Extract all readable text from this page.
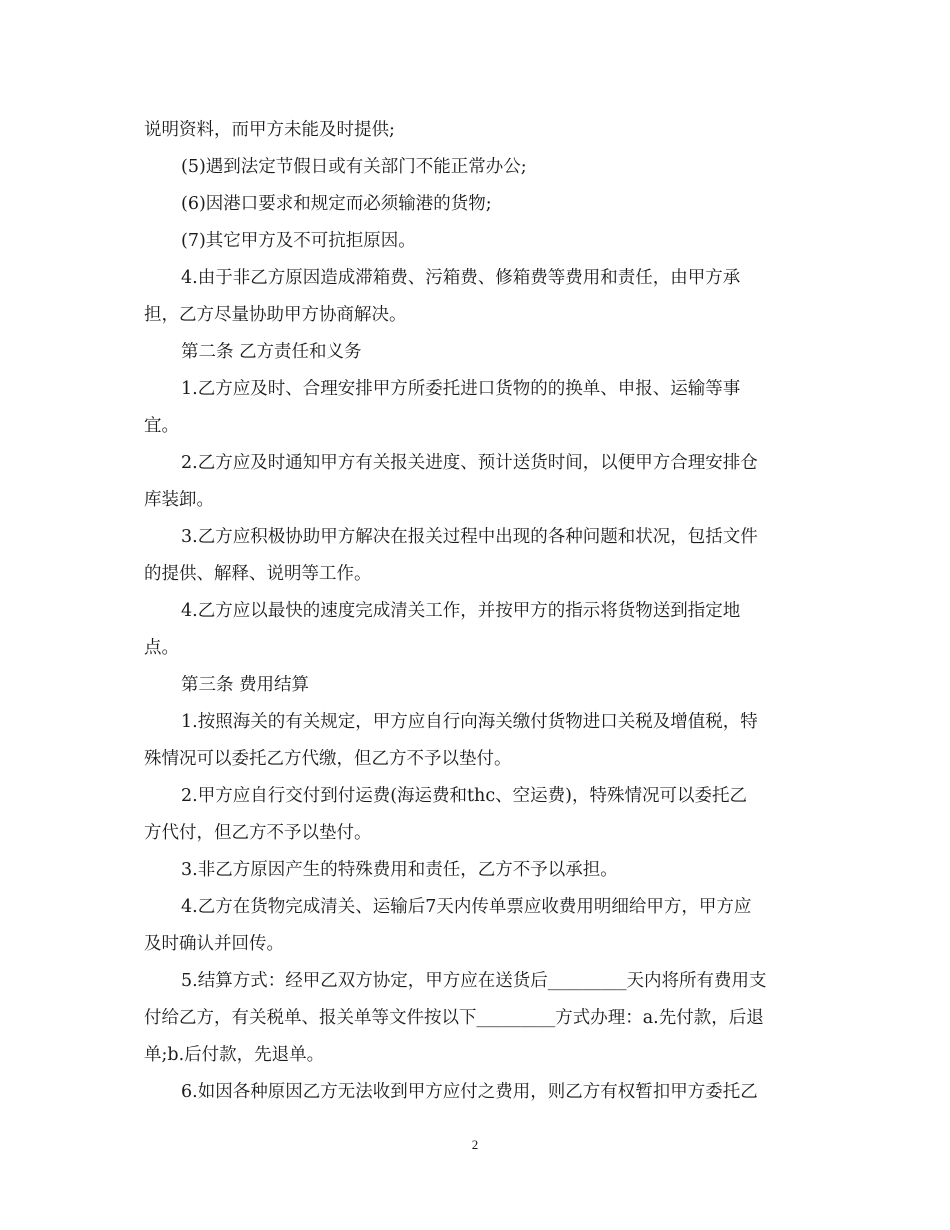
说明资料，而甲方未能及时提供;
(5)遇到法定节假日或有关部门不能正常办公;
(6)因港口要求和规定而必须输港的货物;
(7)其它甲方及不可抗拒原因。
4.由于非乙方原因造成滞箱费、污箱费、修箱费等费用和责任，由甲方承
担，乙方尽量协助甲方协商解决。
第二条 乙方责任和义务
1.乙方应及时、合理安排甲方所委托进口货物的的换单、申报、运输等事
宜。
2.乙方应及时通知甲方有关报关进度、预计送货时间，以便甲方合理安排仓
库装卸。
3.乙方应积极协助甲方解决在报关过程中出现的各种问题和状况，包括文件
的提供、解释、说明等工作。
4.乙方应以最快的速度完成清关工作，并按甲方的指示将货物送到指定地
点。
第三条 费用结算
1.按照海关的有关规定，甲方应自行向海关缴付货物进口关税及增值税，特
殊情况可以委托乙方代缴，但乙方不予以垫付。
2.甲方应自行交付到付运费(海运费和thc、空运费)，特殊情况可以委托乙
方代付，但乙方不予以垫付。
3.非乙方原因产生的特殊费用和责任，乙方不予以承担。
4.乙方在货物完成清关、运输后7天内传单票应收费用明细给甲方，甲方应
及时确认并回传。
5.结算方式：经甲乙双方协定，甲方应在送货后_________天内将所有费用支
付给乙方，有关税单、报关单等文件按以下_________方式办理：a.先付款，后退
单;b.后付款，先退单。
6.如因各种原因乙方无法收到甲方应付之费用，则乙方有权暂扣甲方委托乙
2
